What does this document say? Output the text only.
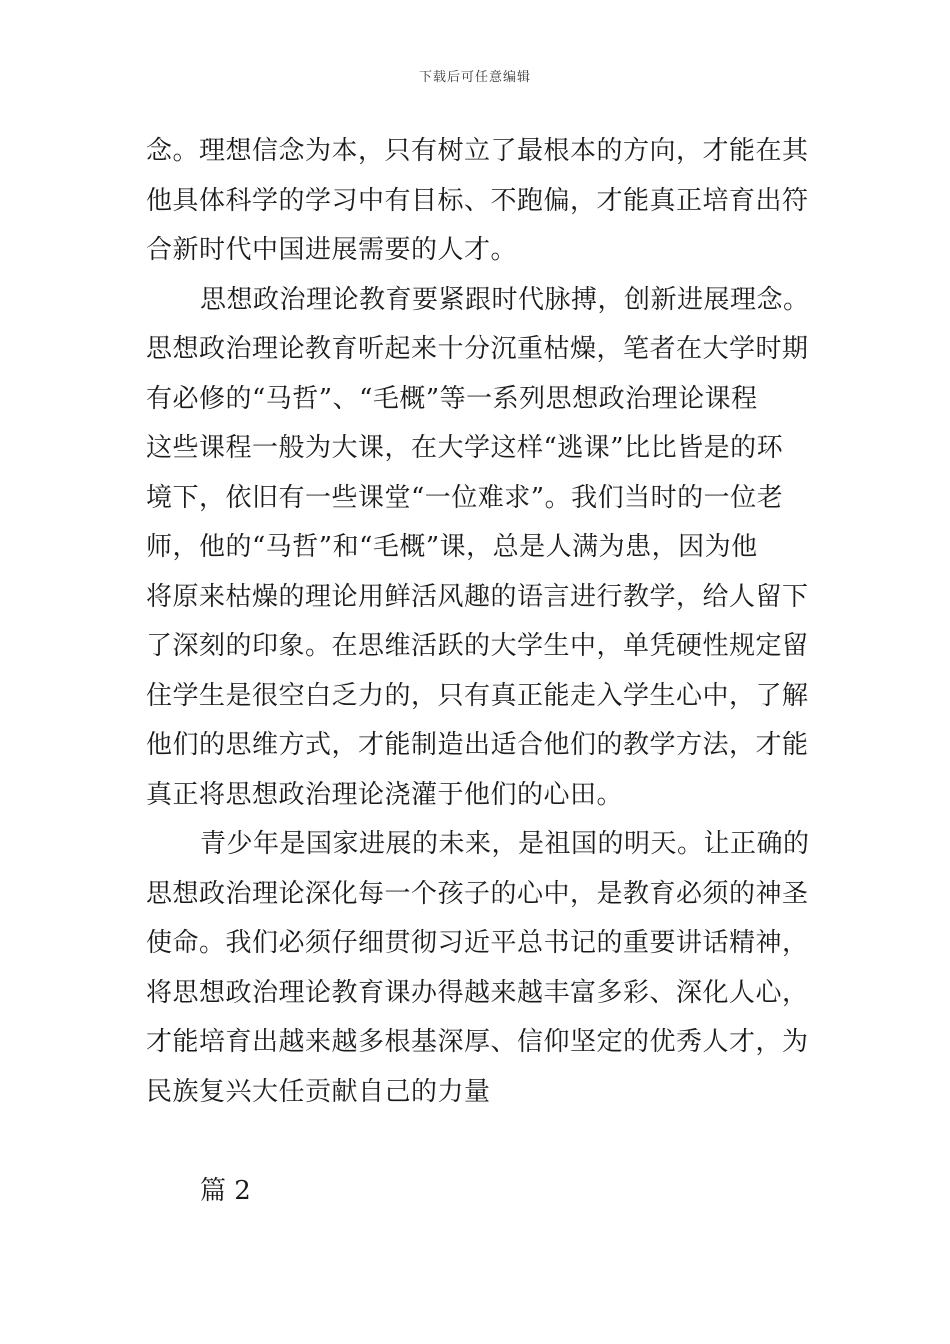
下载后可任意编辑
念。理想信念为本，只有树立了最根本的方向，才能在其
他具体科学的学习中有目标、不跑偏，才能真正培育出符
合新时代中国进展需要的人才。
思想政治理论教育要紧跟时代脉搏，创新进展理念。
思想政治理论教育听起来十分沉重枯燥，笔者在大学时期
有必修的“马哲”、“毛概”等一系列思想政治理论课程
这些课程一般为大课，在大学这样“逃课”比比皆是的环
境下，依旧有一些课堂“一位难求”。我们当时的一位老
师，他的“马哲”和“毛概”课，总是人满为患，因为他
将原来枯燥的理论用鲜活风趣的语言进行教学，给人留下
了深刻的印象。在思维活跃的大学生中，单凭硬性规定留
住学生是很空白乏力的，只有真正能走入学生心中，了解
他们的思维方式，才能制造出适合他们的教学方法，才能
真正将思想政治理论浇灌于他们的心田。
青少年是国家进展的未来，是祖国的明天。让正确的
思想政治理论深化每一个孩子的心中，是教育必须的神圣
使命。我们必须仔细贯彻习近平总书记的重要讲话精神，
将思想政治理论教育课办得越来越丰富多彩、深化人心，
才能培育出越来越多根基深厚、信仰坚定的优秀人才，为
民族复兴大任贡献自己的力量
篇 2
